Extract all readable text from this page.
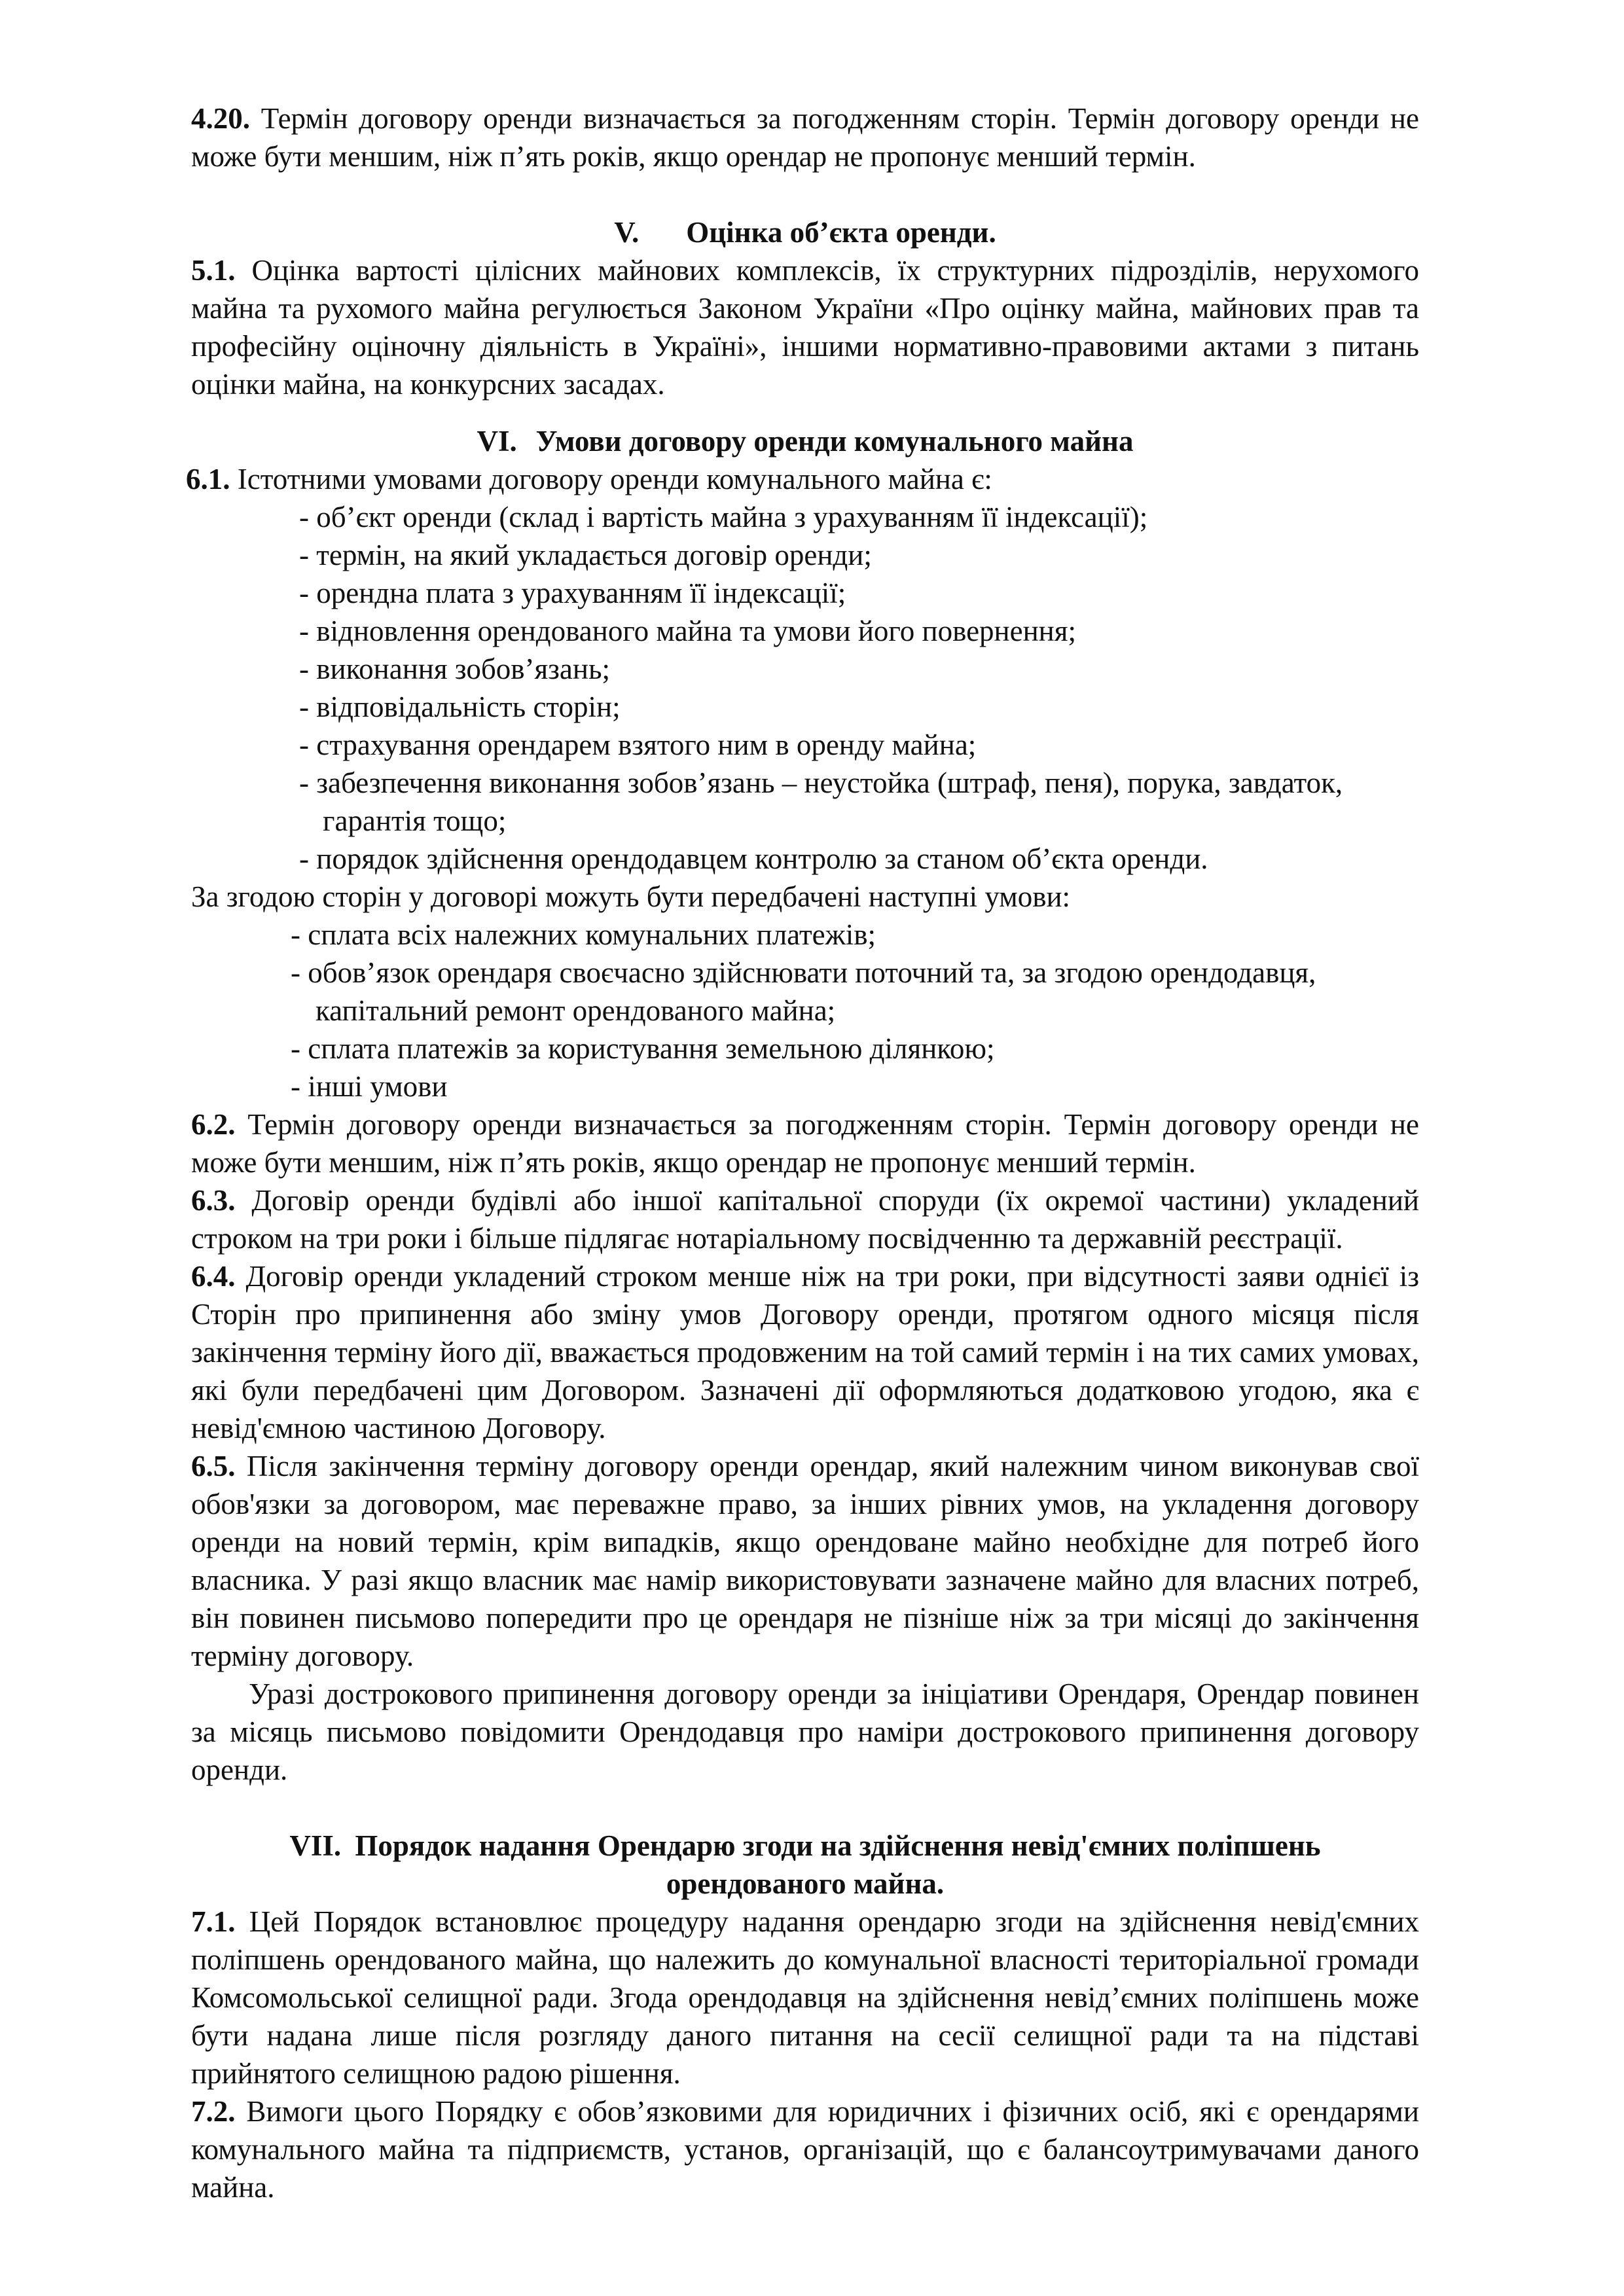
4.20. Термін договору оренди визначається за погодженням сторін. Термін договору оренди не може бути меншим, ніж п’ять років, якщо орендар не пропонує менший термін.

V. Оцінка об’єкта оренди.

5.1. Оцінка вартості цілісних майнових комплексів, їх структурних підрозділів, нерухомого майна та рухомого майна регулюється Законом України «Про оцінку майна, майнових прав та професійну оціночну діяльність в Україні», іншими нормативно-правовими актами з питань оцінки майна, на конкурсних засадах.

VI. Умови договору оренди комунального майна

6.1. Істотними умовами договору оренди комунального майна є:

- об’єкт оренди (склад і вартість майна з урахуванням її індексації);

- термін, на який укладається договір оренди;

- орендна плата з урахуванням її індексації;

- відновлення орендованого майна та умови його повернення;

- виконання зобов’язань;

- відповідальність сторін;

- страхування орендарем взятого ним в оренду майна;

- забезпечення виконання зобов’язань – неустойка (штраф, пеня), порука, завдаток,
гарантія тощо;

- порядок здійснення орендодавцем контролю за станом об’єкта оренди.

За згодою сторін у договорі можуть бути передбачені наступні умови:

- сплата всіх належних комунальних платежів;

- обов’язок орендаря своєчасно здійснювати поточний та, за згодою орендодавця,
капітальний ремонт орендованого майна;

- сплата платежів за користування земельною ділянкою;

- інші умови

6.2. Термін договору оренди визначається за погодженням сторін. Термін договору оренди не може бути меншим, ніж п’ять років, якщо орендар не пропонує менший термін.

6.3. Договір оренди будівлі або іншої капітальної споруди (їх окремої частини) укладений строком на три роки і більше підлягає нотаріальному посвідченню та державній реєстрації.

6.4. Договір оренди укладений строком менше ніж на три роки, при відсутності заяви однієї із Сторін про припинення або зміну умов Договору оренди, протягом одного місяця після закінчення терміну його дії, вважається продовженим на той самий термін і на тих самих умовах, які були передбачені цим Договором. Зазначені дії оформляються додатковою угодою, яка є невід'ємною частиною Договору.

6.5. Після закінчення терміну договору оренди орендар, який належним чином виконував свої обов'язки за договором, має переважне право, за інших рівних умов, на укладення договору оренди на новий термін, крім випадків, якщо орендоване майно необхідне для потреб його власника. У разі якщо власник має намір використовувати зазначене майно для власних потреб, він повинен письмово попередити про це орендаря не пізніше ніж за три місяці до закінчення терміну договору.

Уразі дострокового припинення договору оренди за ініціативи Орендаря, Орендар повинен за місяць письмово повідомити Орендодавця про наміри дострокового припинення договору оренди.

VII. Порядок надання Орендарю згоди на здійснення невід'ємних поліпшень
орендованого майна.

7.1. Цей Порядок встановлює процедуру надання орендарю згоди на здійснення невід'ємних поліпшень орендованого майна, що належить до комунальної власності територіальної громади Комсомольської селищної ради. Згода орендодавця на здійснення невід’ємних поліпшень може бути надана лише після розгляду даного питання на сесії селищної ради та на підставі прийнятого селищною радою рішення.

7.2. Вимоги цього Порядку є обов’язковими для юридичних і фізичних осіб, які є орендарями комунального майна та підприємств, установ, організацій, що є балансоутримувачами даного майна.
